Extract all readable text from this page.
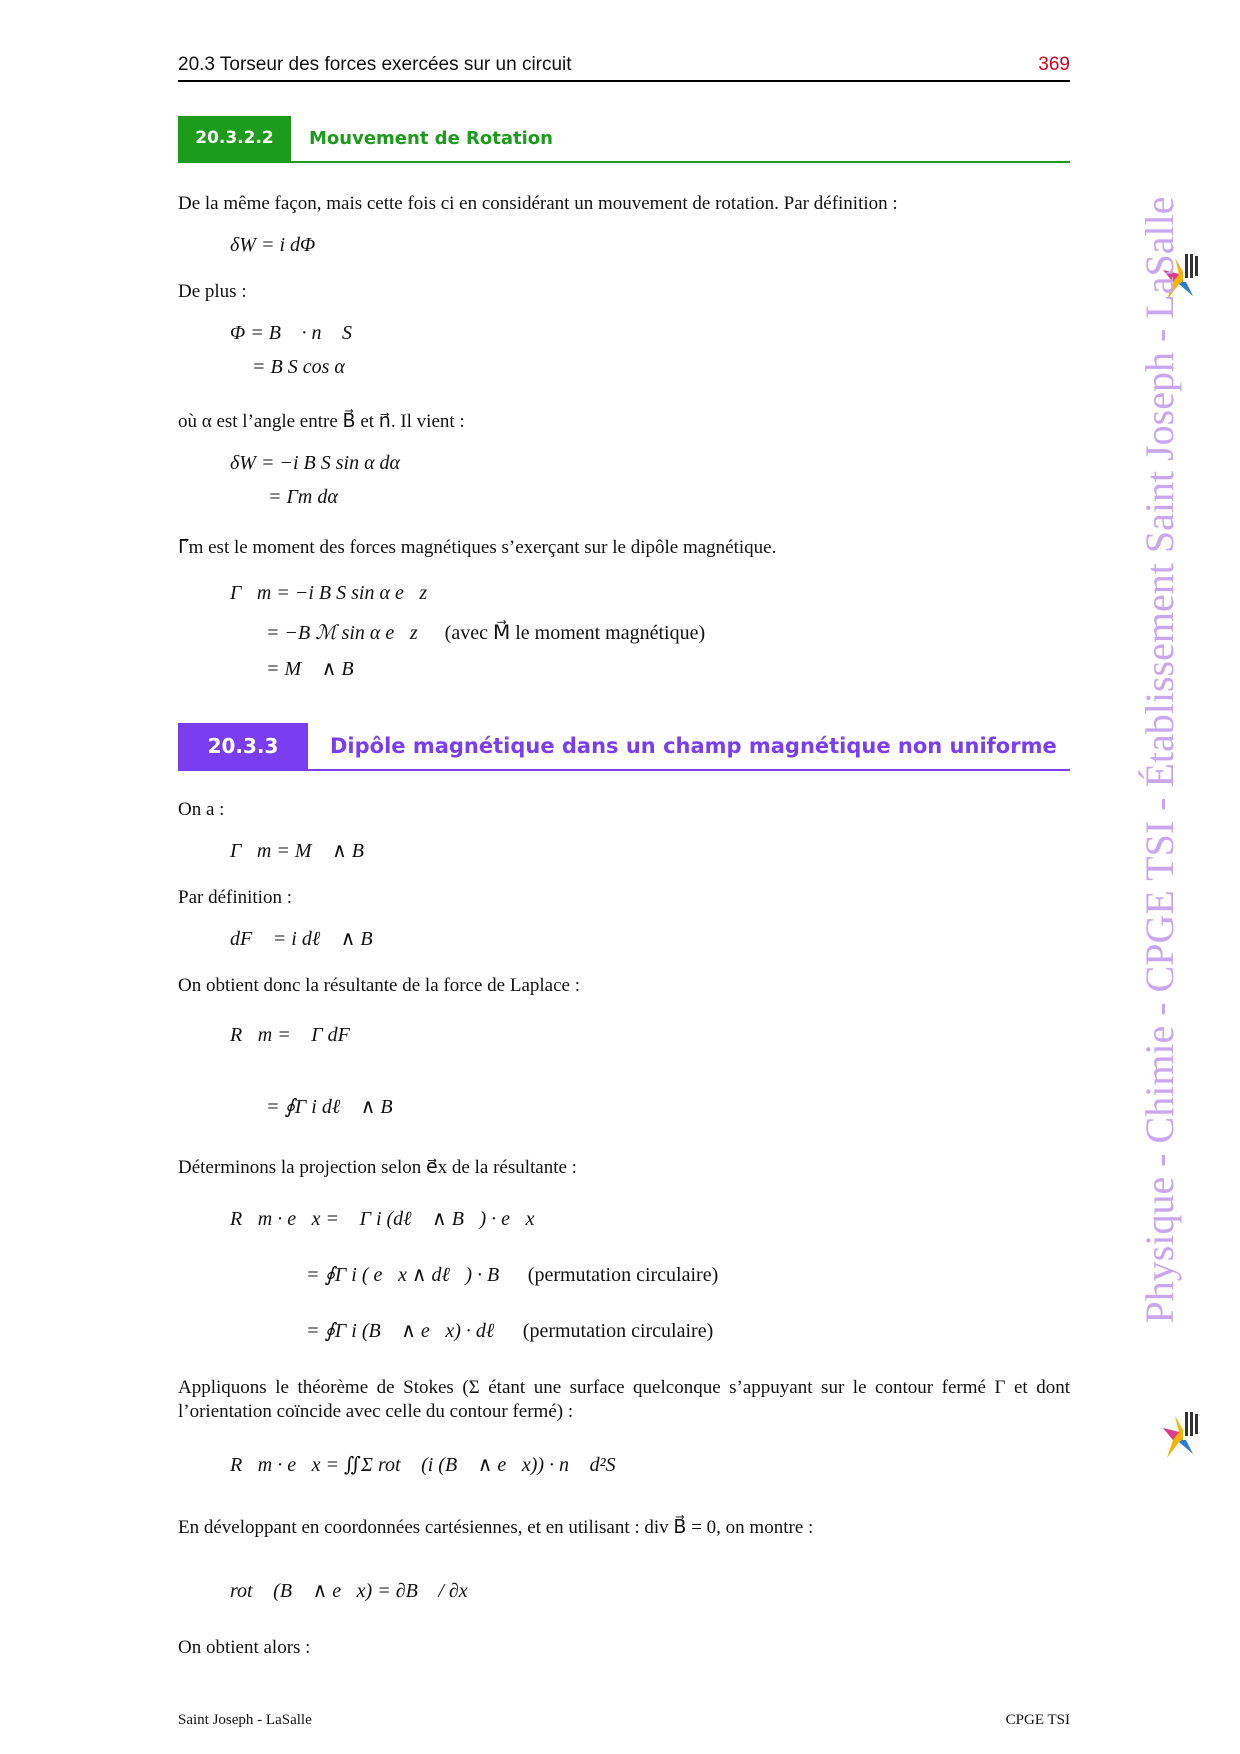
20.3 Torseur des forces exercées sur un circuit	369
20.3.2.2	Mouvement de Rotation
De la même façon, mais cette fois ci en considérant un mouvement de rotation. Par définition :
δW = i dΦ
De plus :
Φ = B⃗ · n⃗ S
= B S cos α
où α est l’angle entre B⃗ et n⃗. Il vient :
δW = −i B S sin α dα
= Γm dα
Γ⃗m est le moment des forces magnétiques s’exerçant sur le dipôle magnétique.
Γ⃗m = −i B S sin α e⃗z
= −B ℳ sin α e⃗z (avec M⃗ le moment magnétique)
= M⃗ ∧ B⃗
20.3.3	Dipôle magnétique dans un champ magnétique non uniforme
On a :
Γ⃗m = M⃗ ∧ B⃗
Par définition :
dF⃗ = i dℓ⃗ ∧ B⃗
On obtient donc la résultante de la force de Laplace :
R⃗m = ∮Γ dF⃗
= ∮Γ i dℓ⃗ ∧ B⃗
Déterminons la projection selon e⃗x de la résultante :
R⃗m · e⃗x = ∮Γ i (dℓ⃗ ∧ B⃗) · e⃗x
= ∮Γ i ( e⃗x ∧ dℓ⃗) · B⃗ (permutation circulaire)
= ∮Γ i (B⃗ ∧ e⃗x) · dℓ⃗ (permutation circulaire)
Appliquons le théorème de Stokes (Σ étant une surface quelconque s’appuyant sur le contour fermé Γ et dont l’orientation coïncide avec celle du contour fermé) :
R⃗m · e⃗x = ∬Σ rot⃗ (i (B⃗ ∧ e⃗x)) · n⃗ d²S
En développant en coordonnées cartésiennes, et en utilisant : div B⃗ = 0, on montre :
rot⃗ (B⃗ ∧ e⃗x) = ∂B⃗ / ∂x
On obtient alors :
Physique - Chimie - CPGE TSI - Établissement Saint Joseph - LaSalle
Saint Joseph - LaSalle	CPGE TSI
